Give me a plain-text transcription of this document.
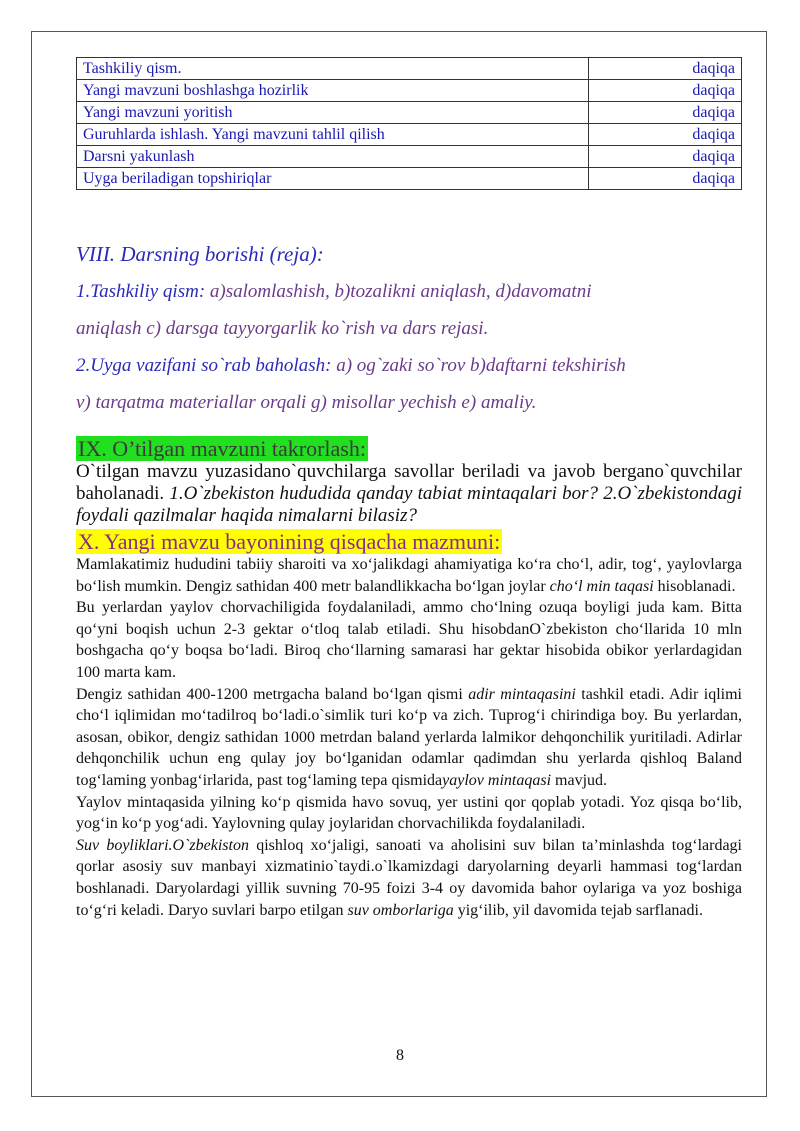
Tashkiliy qism.	daqiqa
Yangi mavzuni boshlashga hozirlik	daqiqa
Yangi mavzuni yoritish	daqiqa
Guruhlarda ishlash. Yangi mavzuni tahlil qilish	daqiqa
Darsni yakunlash	daqiqa
Uyga beriladigan topshiriqlar	daqiqa
VIII. Darsning borishi (reja):

1.Tashkiliy qism: a)salomlashish, b)tozalikni aniqlash, d)davomatni

aniqlash c) darsga tayyorgarlik ko`rish va dars rejasi.

2.Uyga vazifani so`rab baholash: a) og`zaki so`rov b)daftarni tekshirish

v) tarqatma materiallar orqali g) misollar yechish e) amaliy.

IX. O’tilgan mavzuni takrorlash:

O`tilgan mavzu yuzasidano`quvchilarga savollar beriladi va javob bergano`quvchilar baholanadi. 1.O`zbekiston hududida qanday tabiat mintaqalari bor? 2.O`zbekistondagi foydali qazilmalar haqida nimalarni bilasiz?

X. Yangi mavzu bayonining qisqacha mazmuni:

Mamlakatimiz hududini tabiiy sharoiti va xo‘jalikdagi ahamiyatiga ko‘ra cho‘l, adir, tog‘, yaylovlarga bo‘lish mumkin. Dengiz sathidan 400 metr balandlikkacha bo‘lgan joylar cho‘l min taqasi hisoblanadi.

Bu yerlardan yaylov chorvachiligida foydalaniladi, ammo cho‘lning ozuqa boyligi juda kam. Bitta qo‘yni boqish uchun 2-3 gektar o‘tloq talab etiladi. Shu hisobdanO`zbekiston cho‘llarida 10 mln boshgacha qo‘y boqsa bo‘ladi. Biroq cho‘llarning samarasi har gektar hisobida obikor yerlardagidan 100 marta kam.

Dengiz sathidan 400-1200 metrgacha baland bo‘lgan qismi adir mintaqasini tashkil etadi. Adir iqlimi cho‘l iqlimidan mo‘tadilroq bo‘ladi.o`simlik turi ko‘p va zich. Tuprog‘i chirindiga boy. Bu yerlardan, asosan, obikor, dengiz sathidan 1000 metrdan baland yerlarda lalmikor dehqonchilik yuritiladi. Adirlar dehqonchilik uchun eng qulay joy bo‘lganidan odamlar qadimdan shu yerlarda qishloq Baland tog‘laming yonbag‘irlarida, past tog‘laming tepa qismidayaylov mintaqasi mavjud.

Yaylov mintaqasida yilning ko‘p qismida havo sovuq, yer ustini qor qoplab yotadi. Yoz qisqa bo‘lib, yog‘in ko‘p yog‘adi. Yaylovning qulay joylaridan chorvachilikda foydalaniladi.

Suv boyliklari.O`zbekiston qishloq xo‘jaligi, sanoati va aholisini suv bilan ta’minlashda tog‘lardagi qorlar asosiy suv manbayi xizmatinio`taydi.o`lkamizdagi daryolarning deyarli hammasi tog‘lardan boshlanadi. Daryolardagi yillik suvning 70-95 foizi 3-4 oy davomida bahor oylariga va yoz boshiga to‘g‘ri keladi. Daryo suvlari barpo etilgan suv omborlariga yig‘ilib, yil davomida tejab sarflanadi.

8
